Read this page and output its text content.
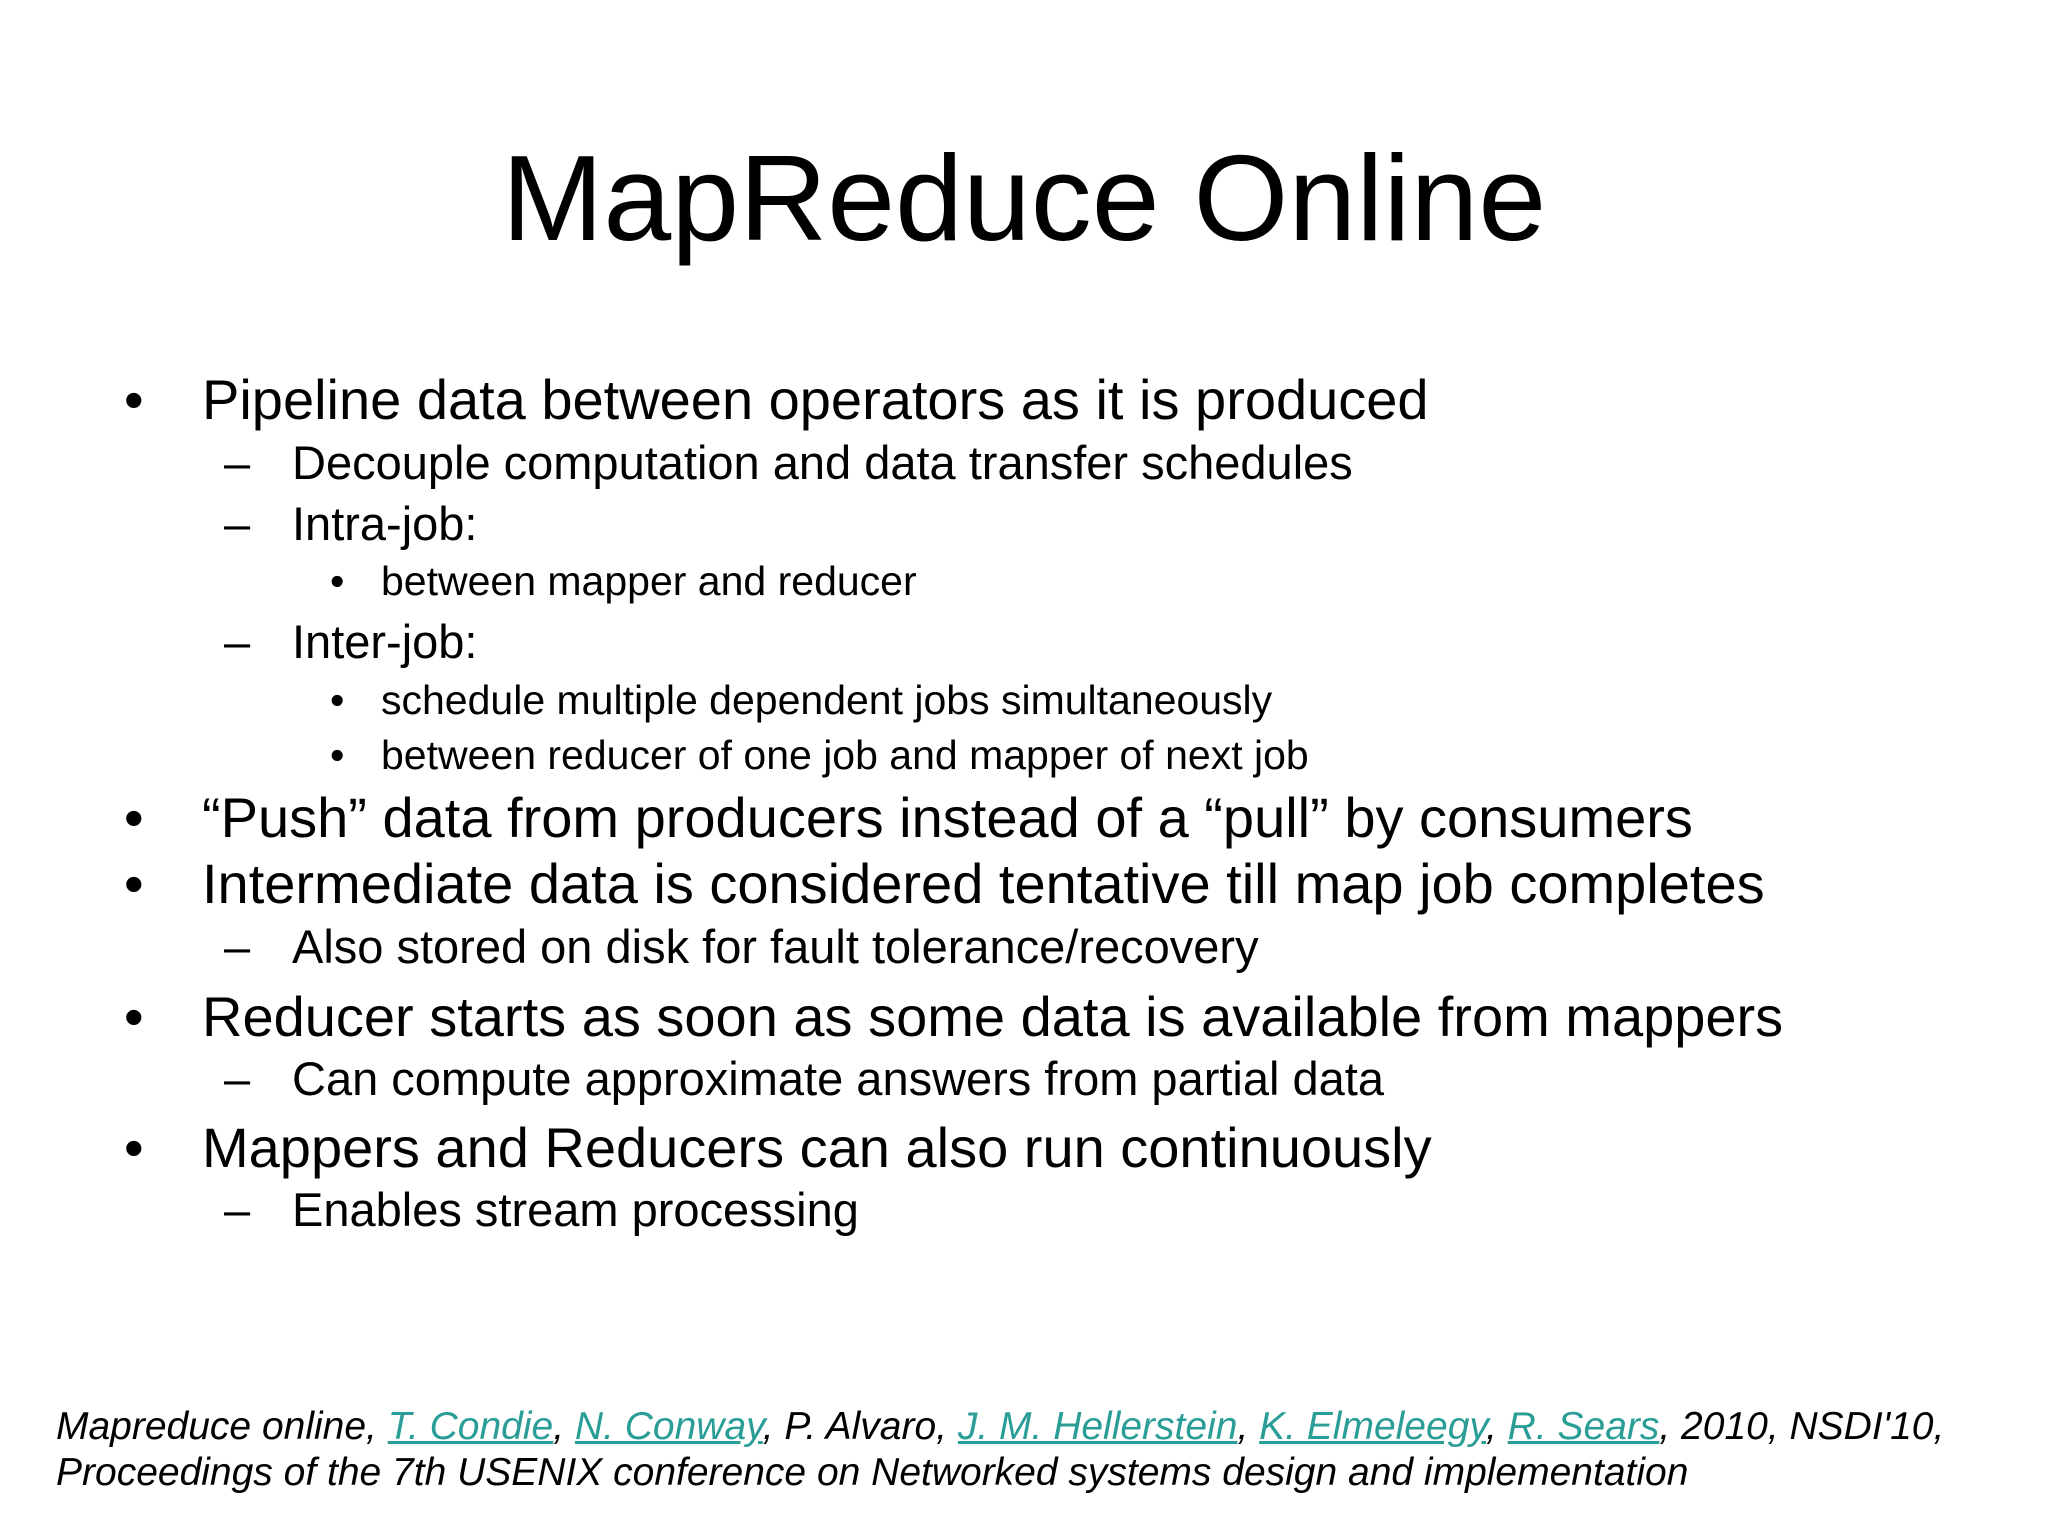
MapReduce Online
• Pipeline data between operators as it is produced
– Decouple computation and data transfer schedules
– Intra-job:
• between mapper and reducer
– Inter-job:
• schedule multiple dependent jobs simultaneously
• between reducer of one job and mapper of next job
• “Push” data from producers instead of a “pull” by consumers
• Intermediate data is considered tentative till map job completes
– Also stored on disk for fault tolerance/recovery
• Reducer starts as soon as some data is available from mappers
– Can compute approximate answers from partial data
• Mappers and Reducers can also run continuously
– Enables stream processing
Mapreduce online, T. Condie, N. Conway, P. Alvaro, J. M. Hellerstein, K. Elmeleegy, R. Sears, 2010, NSDI'10,
Proceedings of the 7th USENIX conference on Networked systems design and implementation
